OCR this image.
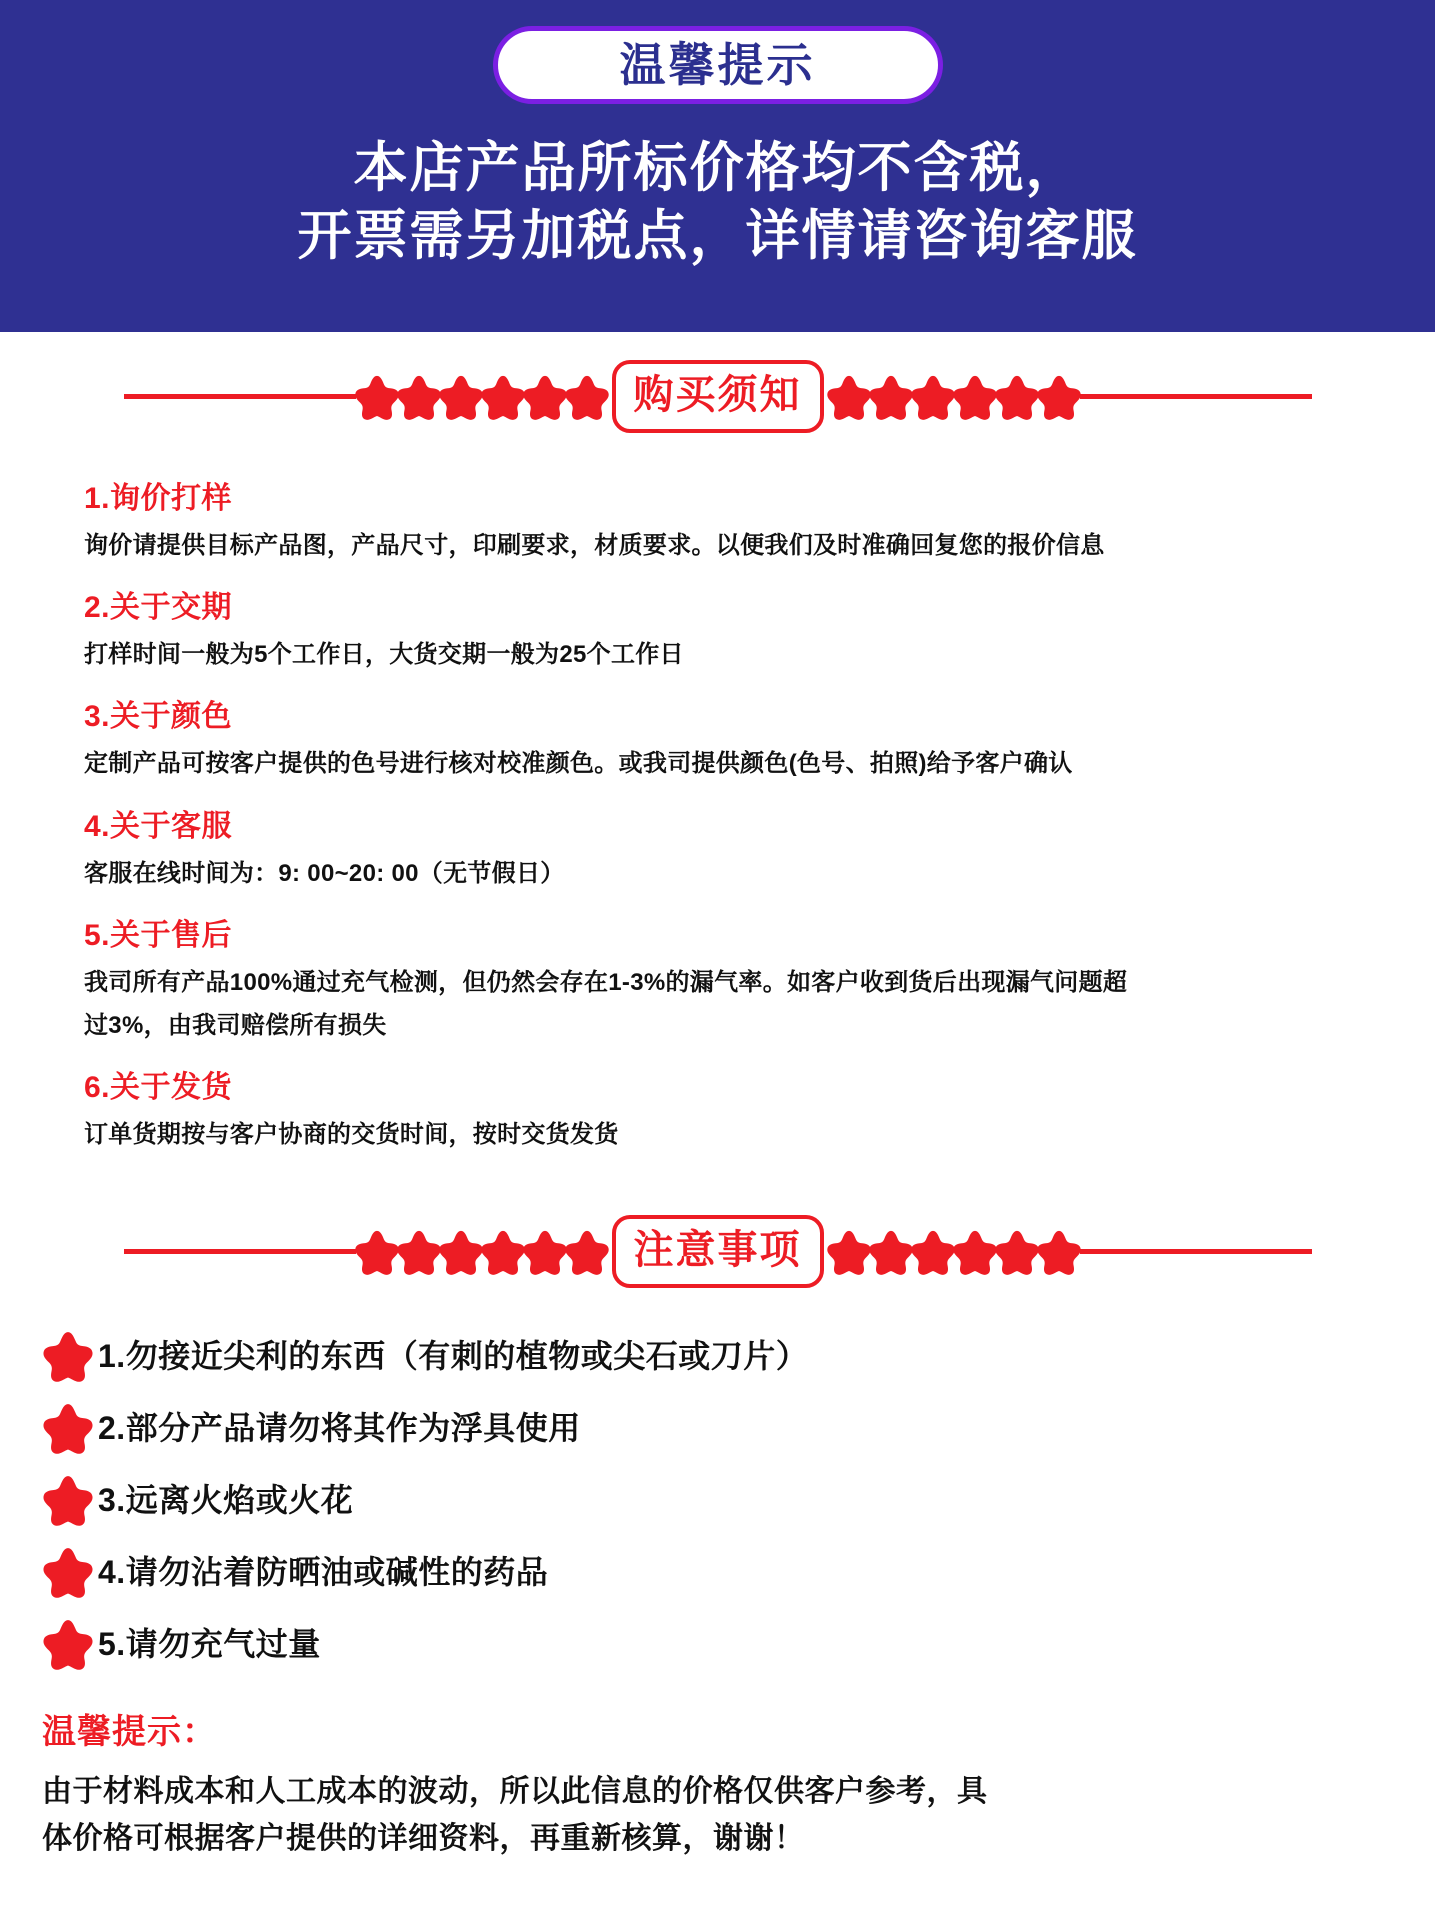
温馨提示
本店产品所标价格均不含税，
开票需另加税点，详情请咨询客服
购买须知
1.询价打样
询价请提供目标产品图，产品尺寸，印刷要求，材质要求。以便我们及时准确回复您的报价信息
2.关于交期
打样时间一般为5个工作日，大货交期一般为25个工作日
3.关于颜色
定制产品可按客户提供的色号进行核对校准颜色。或我司提供颜色(色号、拍照)给予客户确认
4.关于客服
客服在线时间为：9: 00~20: 00（无节假日）
5.关于售后
我司所有产品100%通过充气检测，但仍然会存在1-3%的漏气率。如客户收到货后出现漏气问题超
过3%，由我司赔偿所有损失
6.关于发货
订单货期按与客户协商的交货时间，按时交货发货
注意事项
1.勿接近尖利的东西（有刺的植物或尖石或刀片）
2.部分产品请勿将其作为浮具使用
3.远离火焰或火花
4.请勿沾着防晒油或碱性的药品
5.请勿充气过量
温馨提示：
由于材料成本和人工成本的波动，所以此信息的价格仅供客户参考，具
体价格可根据客户提供的详细资料，再重新核算，谢谢！
